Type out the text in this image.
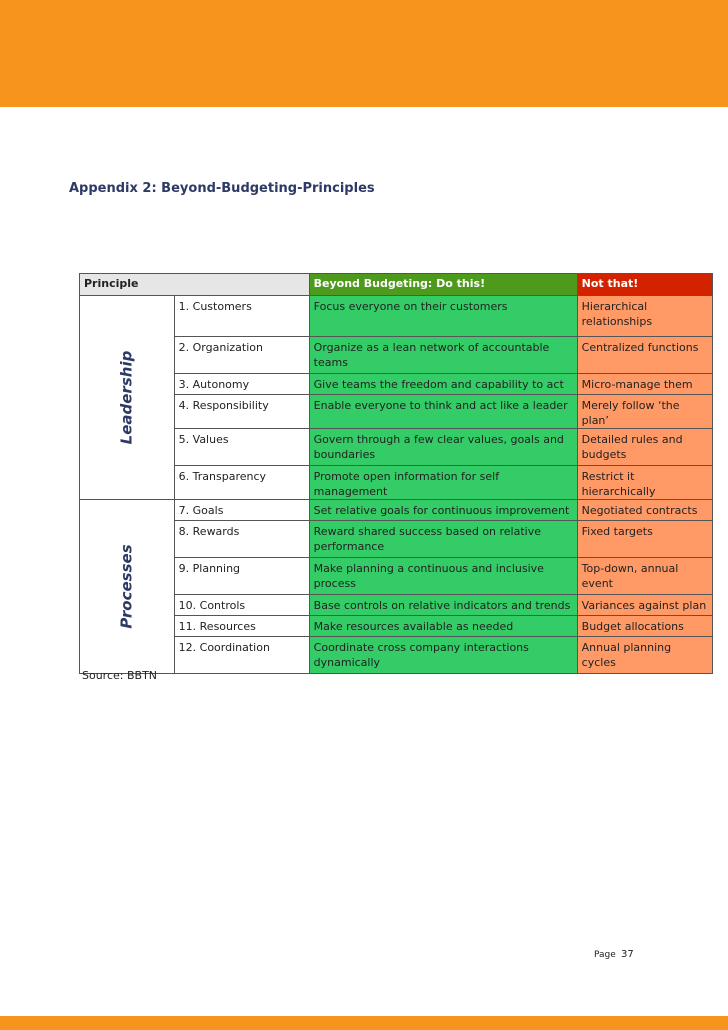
Appendix 2: Beyond-Budgeting-Principles
Principle		Beyond Budgeting: Do this!	Not that!
Leadership	1. Customers	Focus everyone on their customers	Hierarchical relationships
	2. Organization	Organize as a lean network of accountable teams	Centralized functions
	3. Autonomy	Give teams the freedom and capability to act	Micro-manage them
	4. Responsibility	Enable everyone to think and act like a leader	Merely follow ‘the plan’
	5. Values	Govern through a few clear values, goals and boundaries	Detailed rules and budgets
	6. Transparency	Promote open information for self management	Restrict it hierarchically
Processes	7. Goals	Set relative goals for continuous improvement	Negotiated contracts
	8. Rewards	Reward shared success based on relative performance	Fixed targets
	9. Planning	Make planning a continuous and inclusive process	Top-down, annual event
	10. Controls	Base controls on relative indicators and trends	Variances against plan
	11. Resources	Make resources available as needed	Budget allocations
	12. Coordination	Coordinate cross company interactions dynamically	Annual planning cycles
Source: BBTN
Page 37
